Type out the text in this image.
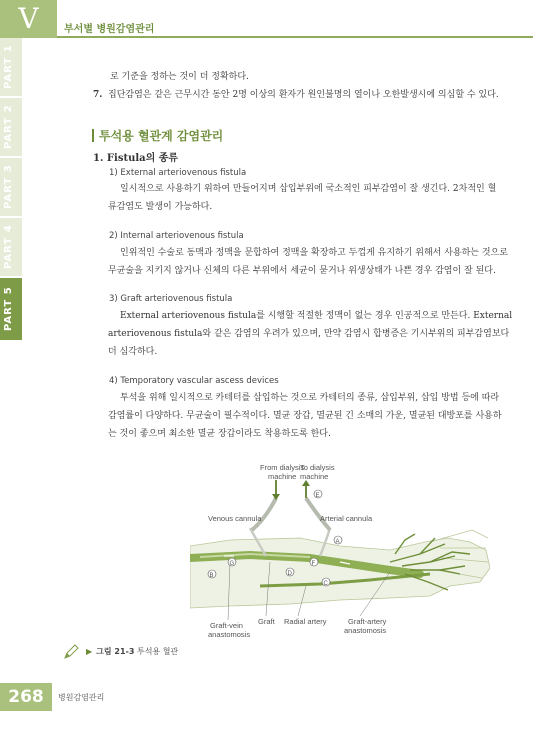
V	부서별 병원감염관리
PART 1
PART 2
PART 3
PART 4
PART 5
로 기준을 정하는 것이 더 정확하다.
7. 집단감염은 같은 근무시간 동안 2명 이상의 환자가 원인불명의 열이나 오한발생시에 의심할 수 있다.
투석용 혈관계 감염관리
1. Fistula의 종류
1) External arteriovenous fistula
일시적으로 사용하기 위하여 만들어지며 삽입부위에 국소적인 피부감염이 잘 생긴다. 2차적인 혈
류감염도 발생이 가능하다.
2) Internal arteriovenous fistula
인위적인 수술로 동맥과 정맥을 문합하여 정맥을 확장하고 두껍게 유지하기 위해서 사용하는 것으로
무균술을 지키지 않거나 신체의 다른 부위에서 세균이 묻거나 위생상태가 나쁜 경우 감염이 잘 된다.
3) Graft arteriovenous fistula
External arteriovenous fistula를 시행할 적절한 정맥이 없는 경우 인공적으로 만든다. External
arteriovenous fistula와 같은 감염의 우려가 있으며, 만약 감염시 합병증은 기시부위의 피부감염보다
더 심각하다.
4) Temporatory vascular ascess devices
투석을 위해 일시적으로 카테터를 삽입하는 것으로 카테터의 종류, 삽입부위, 삽입 방법 등에 따라
감염률이 다양하다. 무균술이 필수적이다. 멸균 장갑, 멸균된 긴 소매의 가운, 멸균된 대방포를 사용하
는 것이 좋으며 최소한 멸균 장갑이라도 착용하도록 한다.
From dialysis
machine
To dialysis
machine
Venous cannula	Arterial cannula
Graft-vein
anastomosis
Graft Radial artery	Graft-artery
anastomosis
A
B
C
D
E
F
G
▶ 그림 21-3 투석용 혈관
268	병원감염관리
